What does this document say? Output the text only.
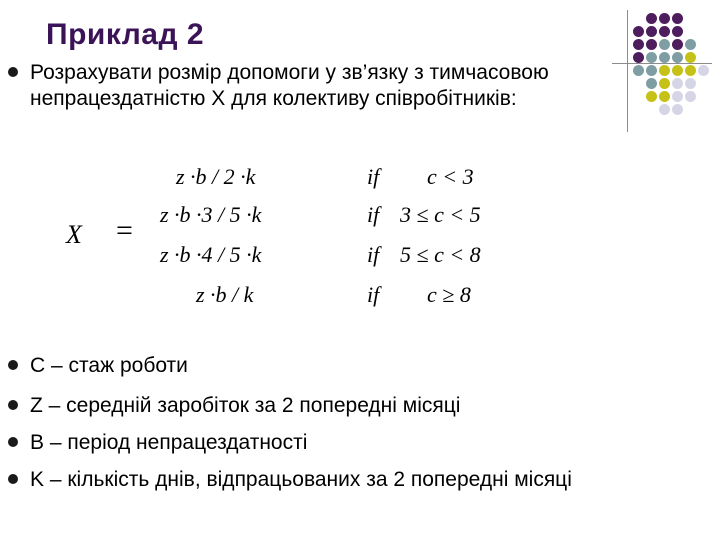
Приклад 2
Розрахувати розмір допомоги у зв’язку з тимчасовою
непрацездатністю Х для колективу співробітників:
X =
z ·b / 2 ·k	if c < 3
z ·b ·3 / 5 ·k	if 3 ≤ c < 5
z ·b ·4 / 5 ·k	if 5 ≤ c < 8
z ·b / k	if c ≥ 8
С – стаж роботи
Z – середній заробіток за 2 попередні місяці
В – період непрацездатності
K – кількість днів, відпрацьованих за 2 попередні місяці
